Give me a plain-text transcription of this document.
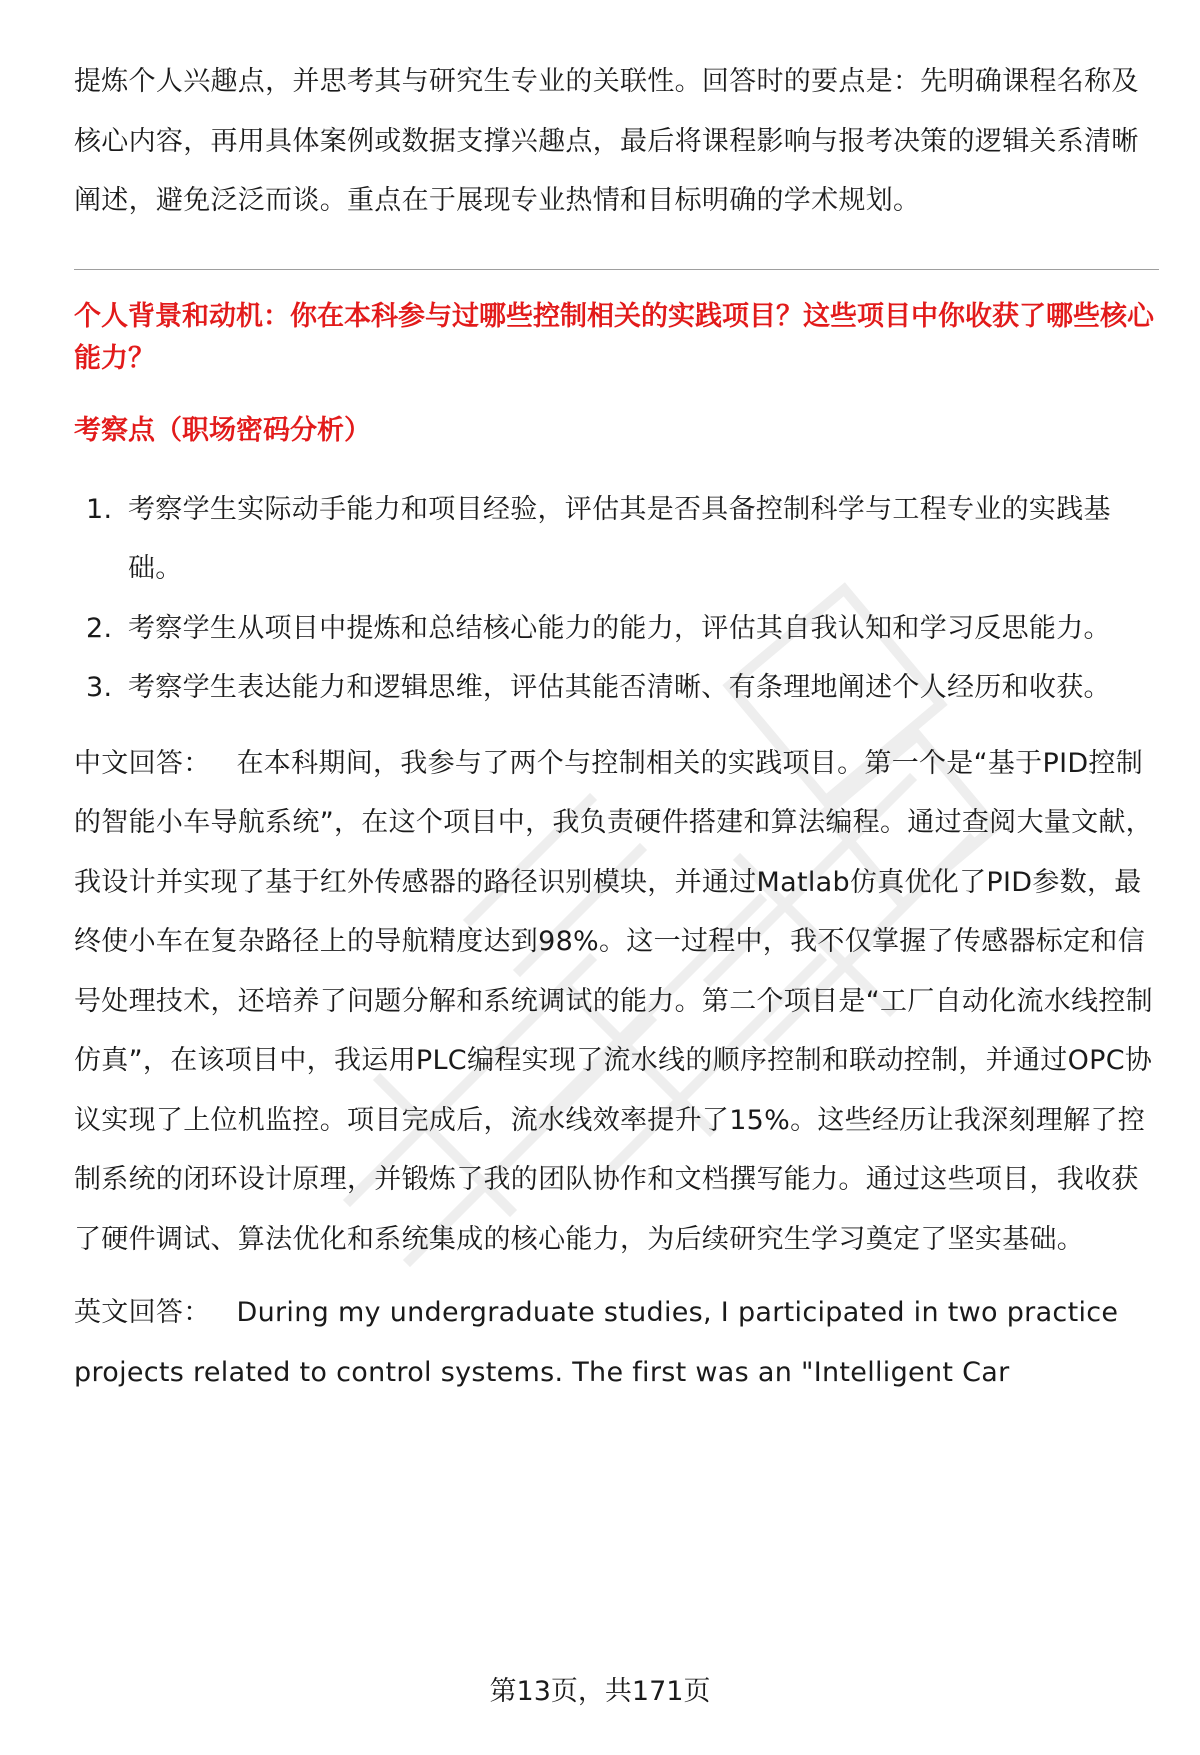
提炼个人兴趣点，并思考其与研究生专业的关联性。回答时的要点是：先明确课程名称及核心内容，再用具体案例或数据支撑兴趣点，最后将课程影响与报考决策的逻辑关系清晰阐述，避免泛泛而谈。重点在于展现专业热情和目标明确的学术规划。

个人背景和动机：你在本科参与过哪些控制相关的实践项目？这些项目中你收获了哪些核心能力？

考察点（职场密码分析）

1. 考察学生实际动手能力和项目经验，评估其是否具备控制科学与工程专业的实践基础。
2. 考察学生从项目中提炼和总结核心能力的能力，评估其自我认知和学习反思能力。
3. 考察学生表达能力和逻辑思维，评估其能否清晰、有条理地阐述个人经历和收获。

中文回答： 在本科期间，我参与了两个与控制相关的实践项目。第一个是“基于PID控制的智能小车导航系统”，在这个项目中，我负责硬件搭建和算法编程。通过查阅大量文献，我设计并实现了基于红外传感器的路径识别模块，并通过Matlab仿真优化了PID参数，最终使小车在复杂路径上的导航精度达到98%。这一过程中，我不仅掌握了传感器标定和信号处理技术，还培养了问题分解和系统调试的能力。第二个项目是“工厂自动化流水线控制仿真”，在该项目中，我运用PLC编程实现了流水线的顺序控制和联动控制，并通过OPC协议实现了上位机监控。项目完成后，流水线效率提升了15%。这些经历让我深刻理解了控制系统的闭环设计原理，并锻炼了我的团队协作和文档撰写能力。通过这些项目，我收获了硬件调试、算法优化和系统集成的核心能力，为后续研究生学习奠定了坚实基础。

英文回答： During my undergraduate studies, I participated in two practice projects related to control systems. The first was an "Intelligent Car

第13页，共171页
